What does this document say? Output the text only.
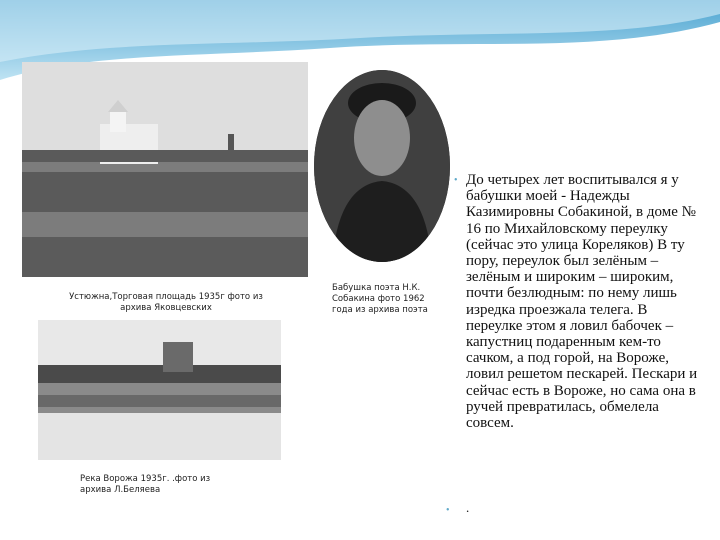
Устюжна,Торговая площадь 1935г фото из архива Яковцевских
Бабушка поэта Н.К. Собакина фото 1962 года из архива поэта
Река Ворожа 1935г. .фото из архива Л.Беляева
• До четырех лет воспитывался я у бабушки моей - Надежды Казимировны Собакиной, в доме № 16 по Михайловскому переулку (сейчас это улица Кореляков) В ту пору, переулок был зелёным – зелёным и широким – широким, почти безлюдным: по нему лишь изредка проезжала телега. В переулке этом я ловил бабочек – капустниц подаренным кем-то сачком, а под горой, на Вороже, ловил решетом пескарей. Пескари и сейчас есть в Вороже, но сама она в ручей превратилась, обмелела совсем.
• .
